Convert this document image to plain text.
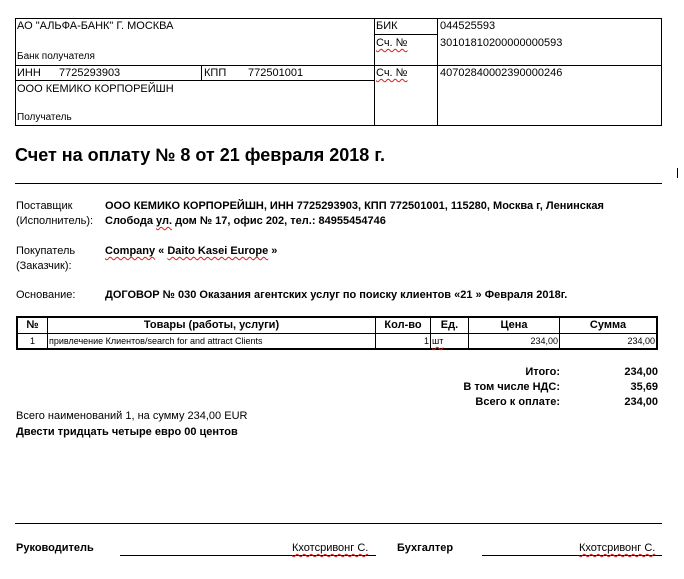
АО "АЛЬФА-БАНК" Г. МОСКВА
Банк получателя
БИК	044525593
Сч. №	30101810200000000593
ИНН 7725293903	КПП 772501001	Сч. №	40702840002390000246
ООО КЕМИКО КОРПОРЕЙШН
Получатель
Счет на оплату № 8 от 21 февраля 2018 г.
Поставщик
(Исполнитель):
ООО КЕМИКО КОРПОРЕЙШН, ИНН 7725293903, КПП 772501001, 115280, Москва г, Ленинская
Слобода ул. дом № 17, офис 202, тел.: 84955454746
Покупатель
(Заказчик):
Company « Daito Kasei Europe »
Основание:	ДОГОВОР № 030 Оказания агентских услуг по поиску клиентов «21 » Февраля 2018г.
№	Товары (работы, услуги)	Кол-во	Ед.	Цена	Сумма
1	привлечение Клиентов/search for and attract Clients	1 шт	234,00	234,00
Итого:	234,00
В том числе НДС:	35,69
Всего к оплате:	234,00
Всего наименований 1, на сумму 234,00 EUR
Двести тридцать четыре евро 00 центов
Руководитель	Кхотсривонг С.	Бухгалтер	Кхотсривонг С.
